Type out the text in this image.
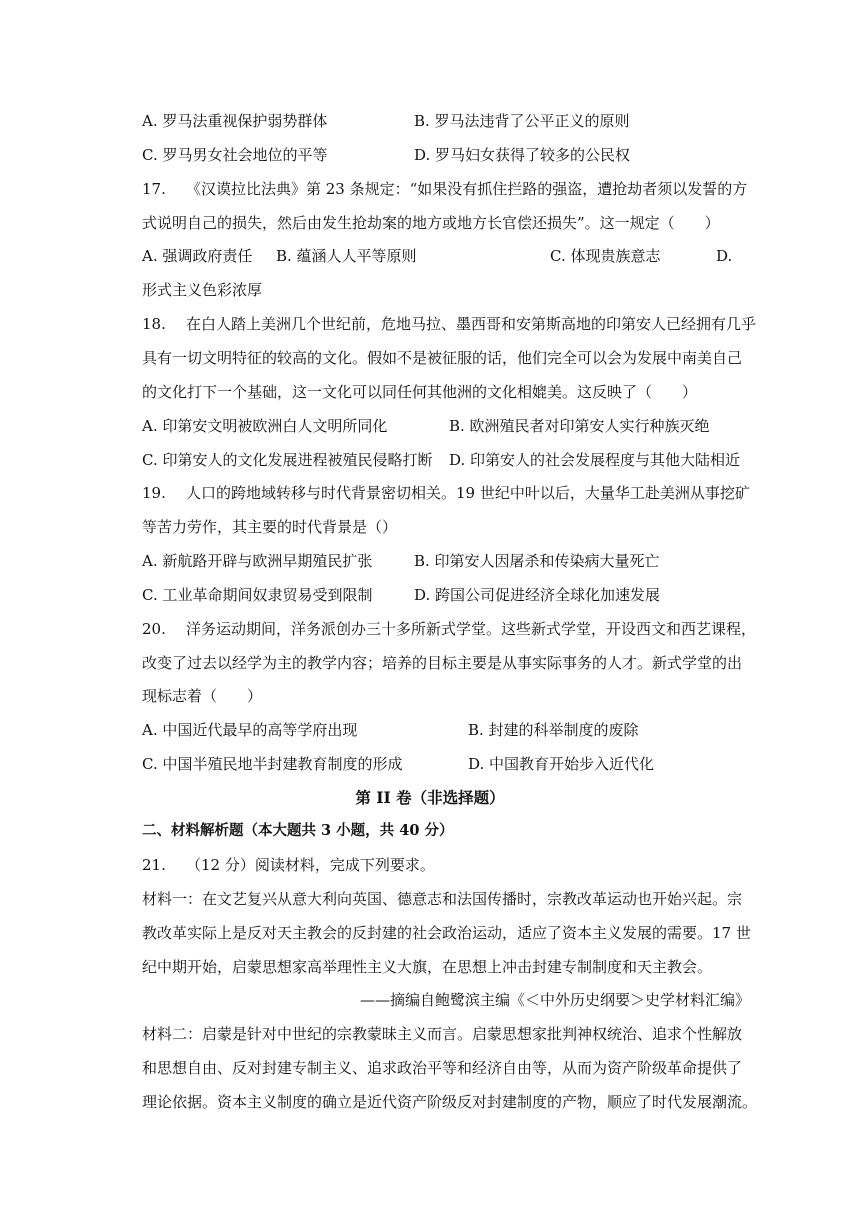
A. 罗马法重视保护弱势群体	B. 罗马法违背了公平正义的原则
C. 罗马男女社会地位的平等	D. 罗马妇女获得了较多的公民权
17. 《汉谟拉比法典》第 23 条规定：“如果没有抓住拦路的强盗，遭抢劫者须以发誓的方
式说明自己的损失，然后由发生抢劫案的地方或地方长官偿还损失”。这一规定（　　）
A. 强调政府责任 B. 蕴涵人人平等原则	C. 体现贵族意志	D.
形式主义色彩浓厚
18. 在白人踏上美洲几个世纪前，危地马拉、墨西哥和安第斯高地的印第安人已经拥有几乎
具有一切文明特征的较高的文化。假如不是被征服的话，他们完全可以会为发展中南美自己
的文化打下一个基础，这一文化可以同任何其他洲的文化相媲美。这反映了（　　）
A. 印第安文明被欧洲白人文明所同化	B. 欧洲殖民者对印第安人实行种族灭绝
C. 印第安人的文化发展进程被殖民侵略打断 D. 印第安人的社会发展程度与其他大陆相近
19. 人口的跨地域转移与时代背景密切相关。19 世纪中叶以后，大量华工赴美洲从事挖矿
等苦力劳作，其主要的时代背景是（）
A. 新航路开辟与欧洲早期殖民扩张	B. 印第安人因屠杀和传染病大量死亡
C. 工业革命期间奴隶贸易受到限制	D. 跨国公司促进经济全球化加速发展
20. 洋务运动期间，洋务派创办三十多所新式学堂。这些新式学堂，开设西文和西艺课程，
改变了过去以经学为主的教学内容；培养的目标主要是从事实际事务的人才。新式学堂的出
现标志着（　　）
A. 中国近代最早的高等学府出现	B. 封建的科举制度的废除
C. 中国半殖民地半封建教育制度的形成	D. 中国教育开始步入近代化
第 II 卷（非选择题）
二、材料解析题（本大题共 3 小题，共 40 分）
21. （12 分）阅读材料，完成下列要求。
材料一：在文艺复兴从意大利向英国、德意志和法国传播时，宗教改革运动也开始兴起。宗
教改革实际上是反对天主教会的反封建的社会政治运动，适应了资本主义发展的需要。17 世
纪中期开始，启蒙思想家高举理性主义大旗，在思想上冲击封建专制制度和天主教会。
——摘编自鲍鹭滨主编《＜中外历史纲要＞史学材料汇编》
材料二：启蒙是针对中世纪的宗教蒙昧主义而言。启蒙思想家批判神权统治、追求个性解放
和思想自由、反对封建专制主义、追求政治平等和经济自由等，从而为资产阶级革命提供了
理论依据。资本主义制度的确立是近代资产阶级反对封建制度的产物，顺应了时代发展潮流。
